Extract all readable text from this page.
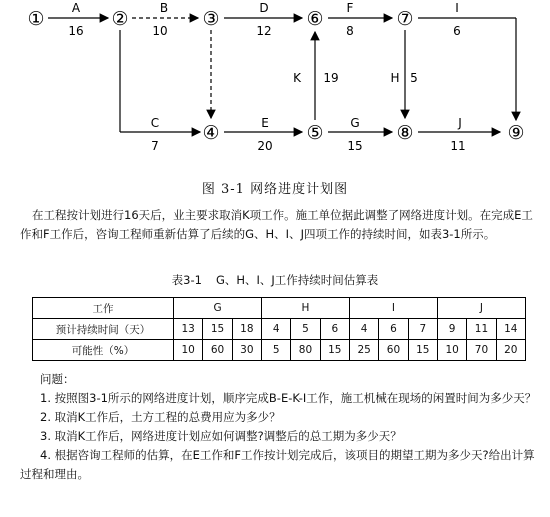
①	②	③
④	⑤
⑥	⑦
⑧	⑨
A
16
B
10
D
12
F
8
I
6
C
7
E
20
G
15
J
11
K 19	H 5
图 3-1 网络进度计划图
在工程按计划进行16天后，业主要求取消K项工作。施工单位据此调整了网络进度计划。在完成E工作和F工作后，咨询工程师重新估算了后续的G、H、I、J四项工作的持续时间，如表3-1所示。
表3-1 G、H、I、J工作持续时间估算表
工作	G			H			I			J		
预计持续时间（天）	13	15	18	4	5	6	4	6	7	9	11	14
可能性（%）	10	60	30	5	80	15	25	60	15	10	70	20

问题：

1. 按照图3-1所示的网络进度计划，顺序完成B-E-K-I工作，施工机械在现场的闲置时间为多少天？

2. 取消K工作后，土方工程的总费用应为多少？

3. 取消K工作后，网络进度计划应如何调整?调整后的总工期为多少天？

4. 根据咨询工程师的估算，在E工作和F工作按计划完成后，该项目的期望工期为多少天?给出计算过程和理由。
